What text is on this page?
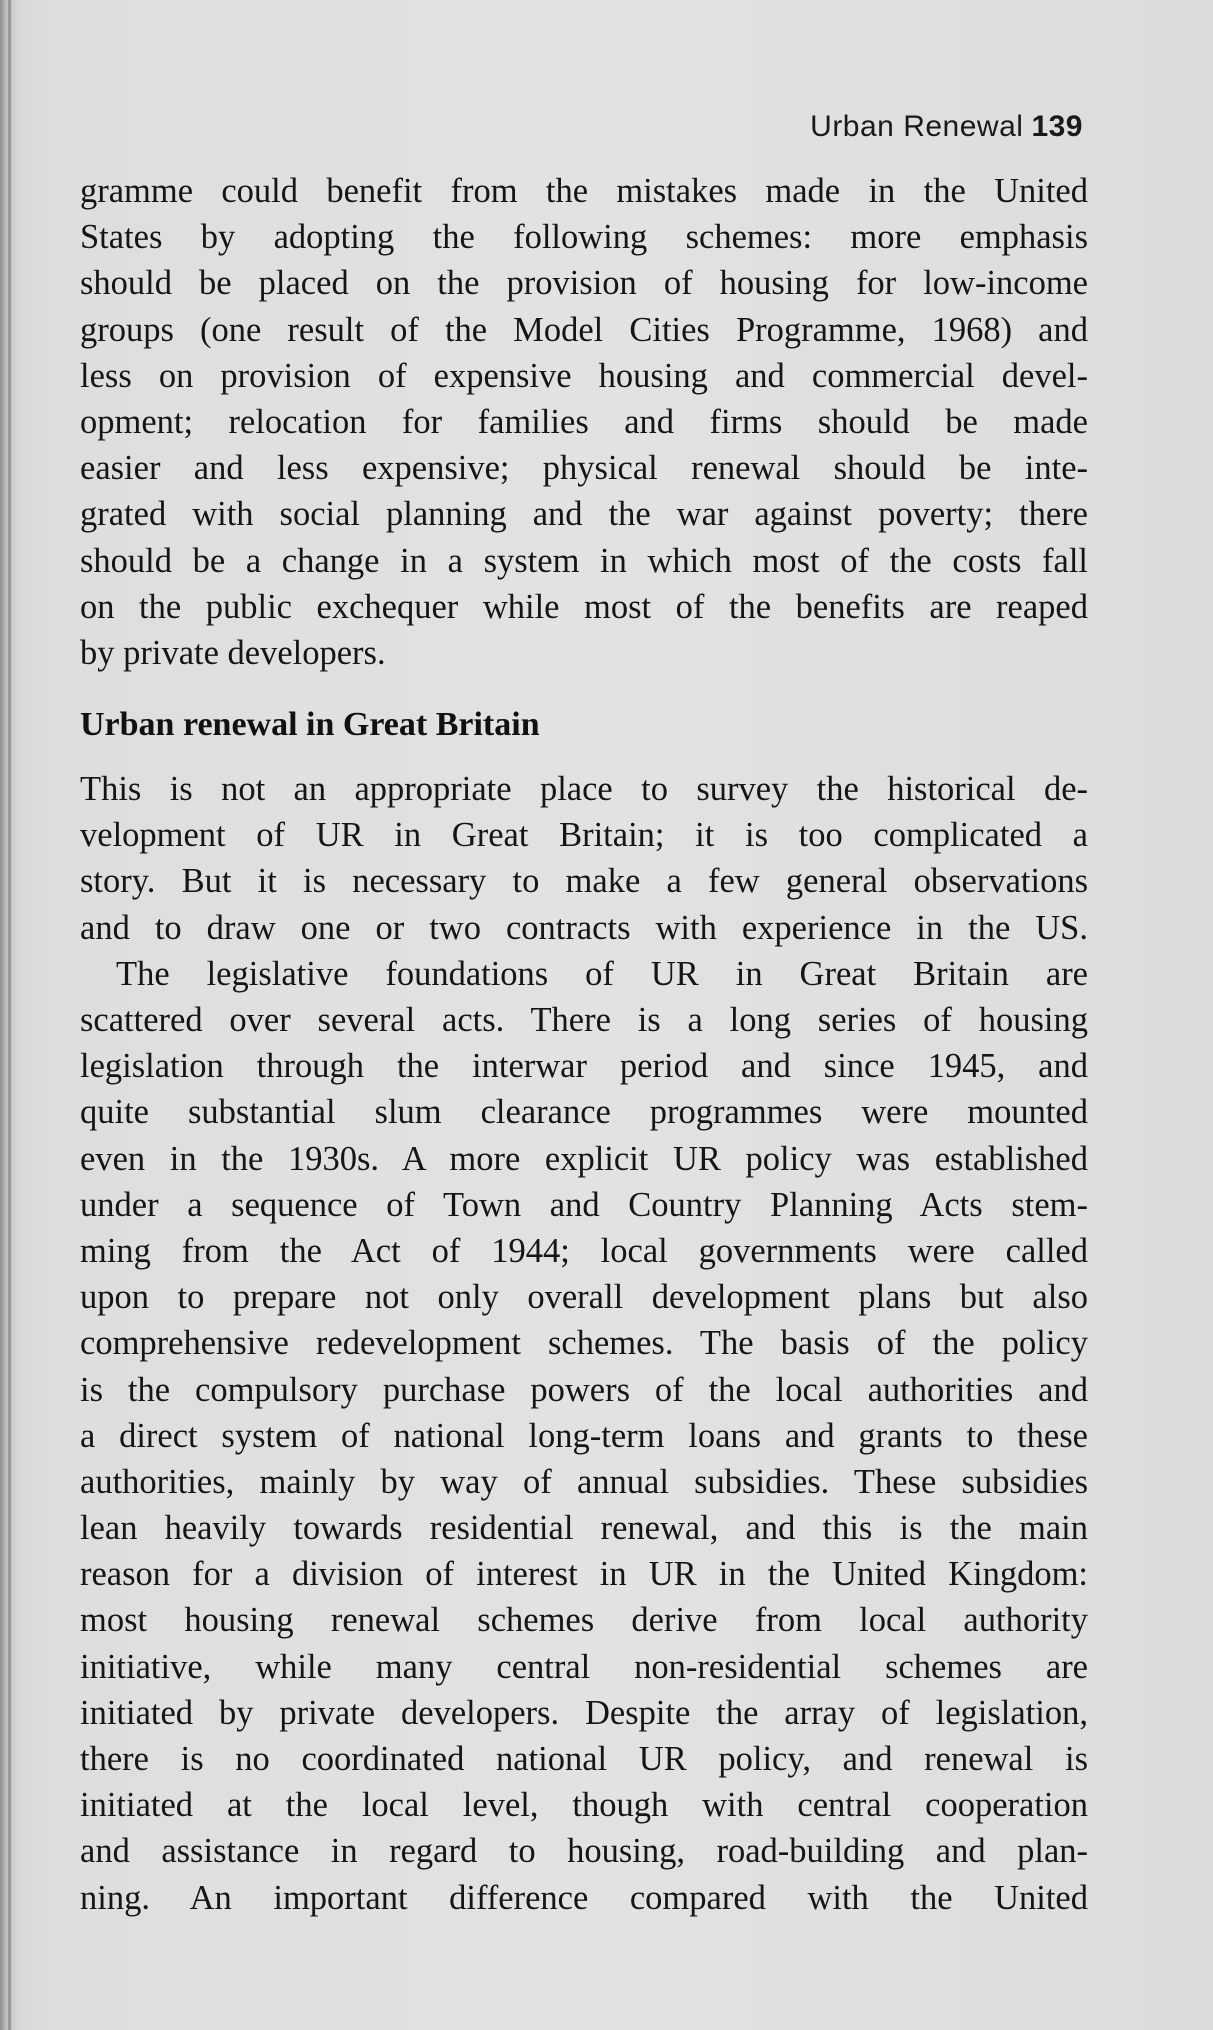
Urban Renewal 139
gramme could benefit from the mistakes made in the United
States by adopting the following schemes: more emphasis
should be placed on the provision of housing for low-income
groups (one result of the Model Cities Programme, 1968) and
less on provision of expensive housing and commercial devel-
opment; relocation for families and firms should be made
easier and less expensive; physical renewal should be inte-
grated with social planning and the war against poverty; there
should be a change in a system in which most of the costs fall
on the public exchequer while most of the benefits are reaped
by private developers.
Urban renewal in Great Britain
This is not an appropriate place to survey the historical de-
velopment of UR in Great Britain; it is too complicated a
story. But it is necessary to make a few general observations
and to draw one or two contracts with experience in the US.
The legislative foundations of UR in Great Britain are
scattered over several acts. There is a long series of housing
legislation through the interwar period and since 1945, and
quite substantial slum clearance programmes were mounted
even in the 1930s. A more explicit UR policy was established
under a sequence of Town and Country Planning Acts stem-
ming from the Act of 1944; local governments were called
upon to prepare not only overall development plans but also
comprehensive redevelopment schemes. The basis of the policy
is the compulsory purchase powers of the local authorities and
a direct system of national long-term loans and grants to these
authorities, mainly by way of annual subsidies. These subsidies
lean heavily towards residential renewal, and this is the main
reason for a division of interest in UR in the United Kingdom:
most housing renewal schemes derive from local authority
initiative, while many central non-residential schemes are
initiated by private developers. Despite the array of legislation,
there is no coordinated national UR policy, and renewal is
initiated at the local level, though with central cooperation
and assistance in regard to housing, road-building and plan-
ning. An important difference compared with the United
